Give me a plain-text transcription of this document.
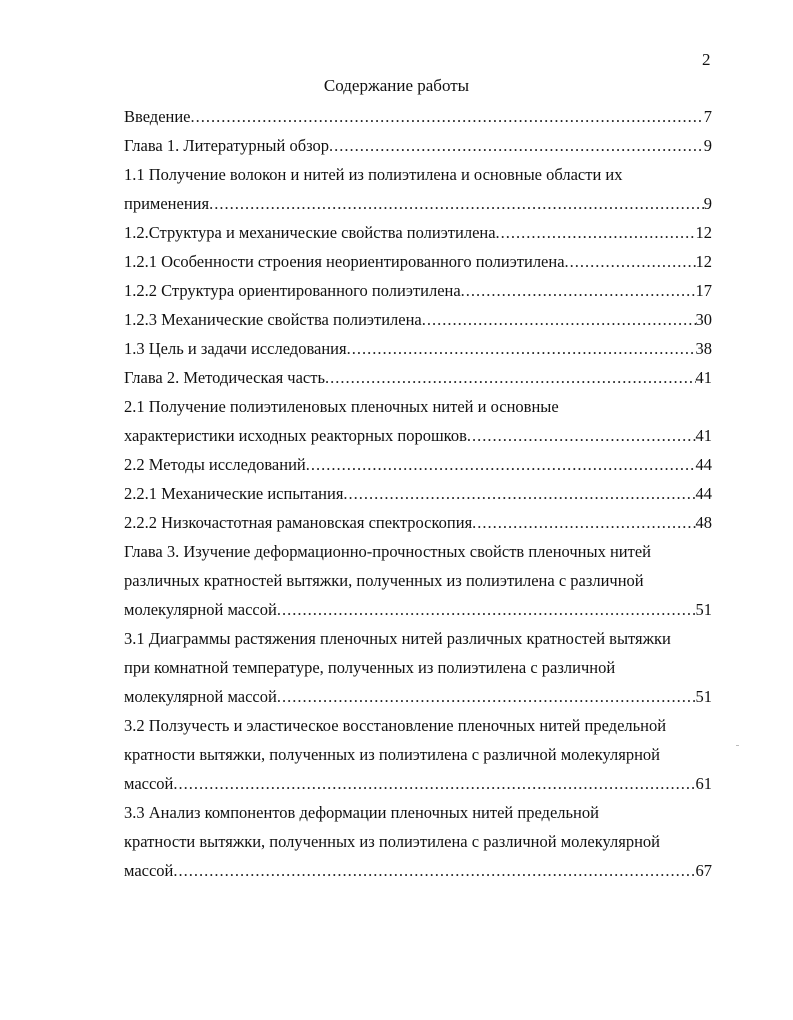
2
Содержание работы
Введение .....	7
Глава 1. Литературный обзор .....	9
1.1 Получение волокон и нитей из полиэтилена и основные области их
применения .....	9
1.2.Структура и механические свойства полиэтилена .....	12
1.2.1 Особенности строения неориентированного полиэтилена .....	12
1.2.2 Структура ориентированного полиэтилена .....	17
1.2.3 Механические свойства полиэтилена .....	30
1.3 Цель и задачи исследования .....	38
Глава 2. Методическая часть .....	41
2.1 Получение полиэтиленовых пленочных нитей и основные
характеристики исходных реакторных порошков .....	41
2.2 Методы исследований .....	44
2.2.1 Механические испытания .....	44
2.2.2 Низкочастотная рамановская спектроскопия .....	48
Глава 3. Изучение деформационно-прочностных свойств пленочных нитей
различных кратностей вытяжки, полученных из полиэтилена с различной
молекулярной массой .....	51
3.1 Диаграммы растяжения пленочных нитей различных кратностей вытяжки
при комнатной температуре, полученных из полиэтилена с различной
молекулярной массой .....	51
3.2 Ползучесть и эластическое восстановление пленочных нитей предельной
кратности вытяжки, полученных из полиэтилена с различной молекулярной
массой .....	61
3.3 Анализ компонентов деформации пленочных нитей предельной
кратности вытяжки, полученных из полиэтилена с различной молекулярной
массой .....	67
